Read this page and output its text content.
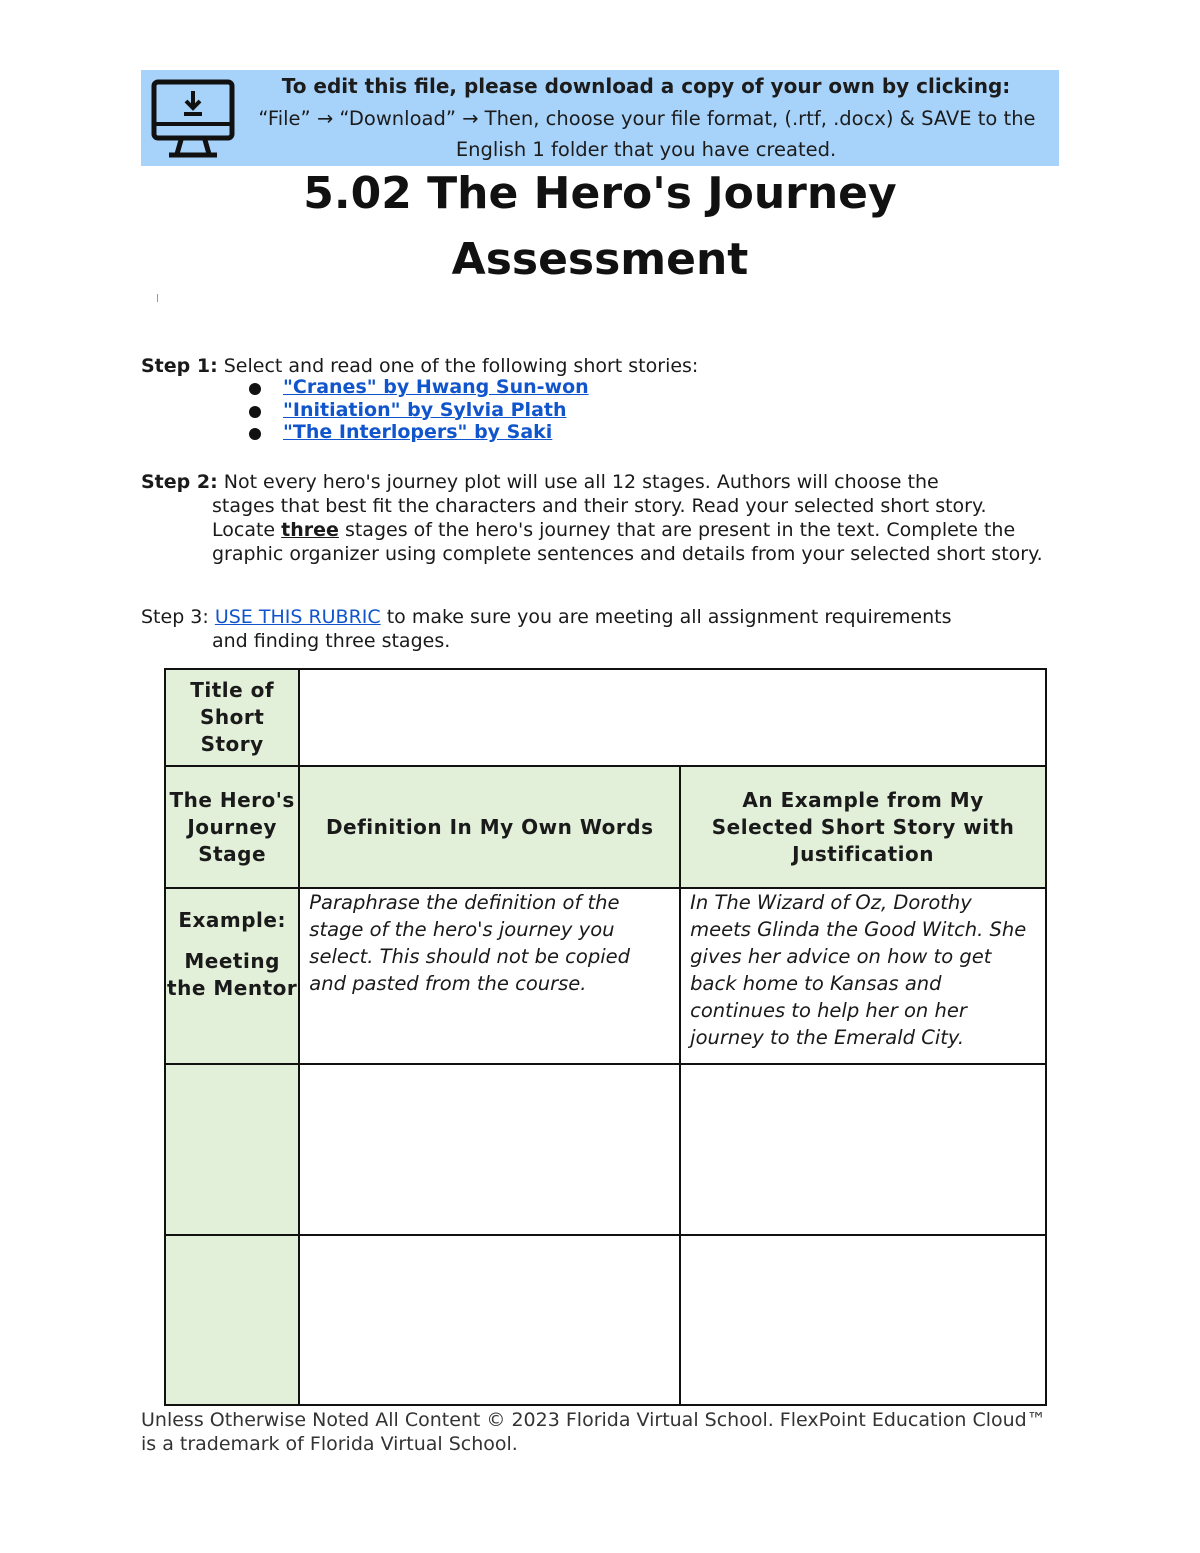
To edit this file, please download a copy of your own by clicking:
“File” → “Download” → Then, choose your file format, (.rtf, .docx) & SAVE to the
English 1 folder that you have created.
5.02 The Hero's Journey
Assessment
Step 1: Select and read one of the following short stories:
"Cranes" by Hwang Sun-won
"Initiation" by Sylvia Plath
"The Interlopers" by Saki
Step 2: Not every hero's journey plot will use all 12 stages. Authors will choose the
stages that best fit the characters and their story. Read your selected short story. Locate three stages of the hero's journey that are present in the text. Complete the graphic organizer using complete sentences and details from your selected short story.
Step 3: USE THIS RUBRIC to make sure you are meeting all assignment requirements
and finding three stages.
Title of Short Story		
The Hero's Journey Stage	Definition In My Own Words	An Example from My Selected Short Story with Justification

Example:
Meeting the Mentor	Paraphrase the definition of the stage of the hero's journey you select. This should not be copied and pasted from the course.	In The Wizard of Oz, Dorothy meets Glinda the Good Witch. She gives her advice on how to get back home to Kansas and continues to help her on her journey to the Emerald City.

Unless Otherwise Noted All Content © 2023 Florida Virtual School. FlexPoint Education Cloud™ is a trademark of Florida Virtual School.
